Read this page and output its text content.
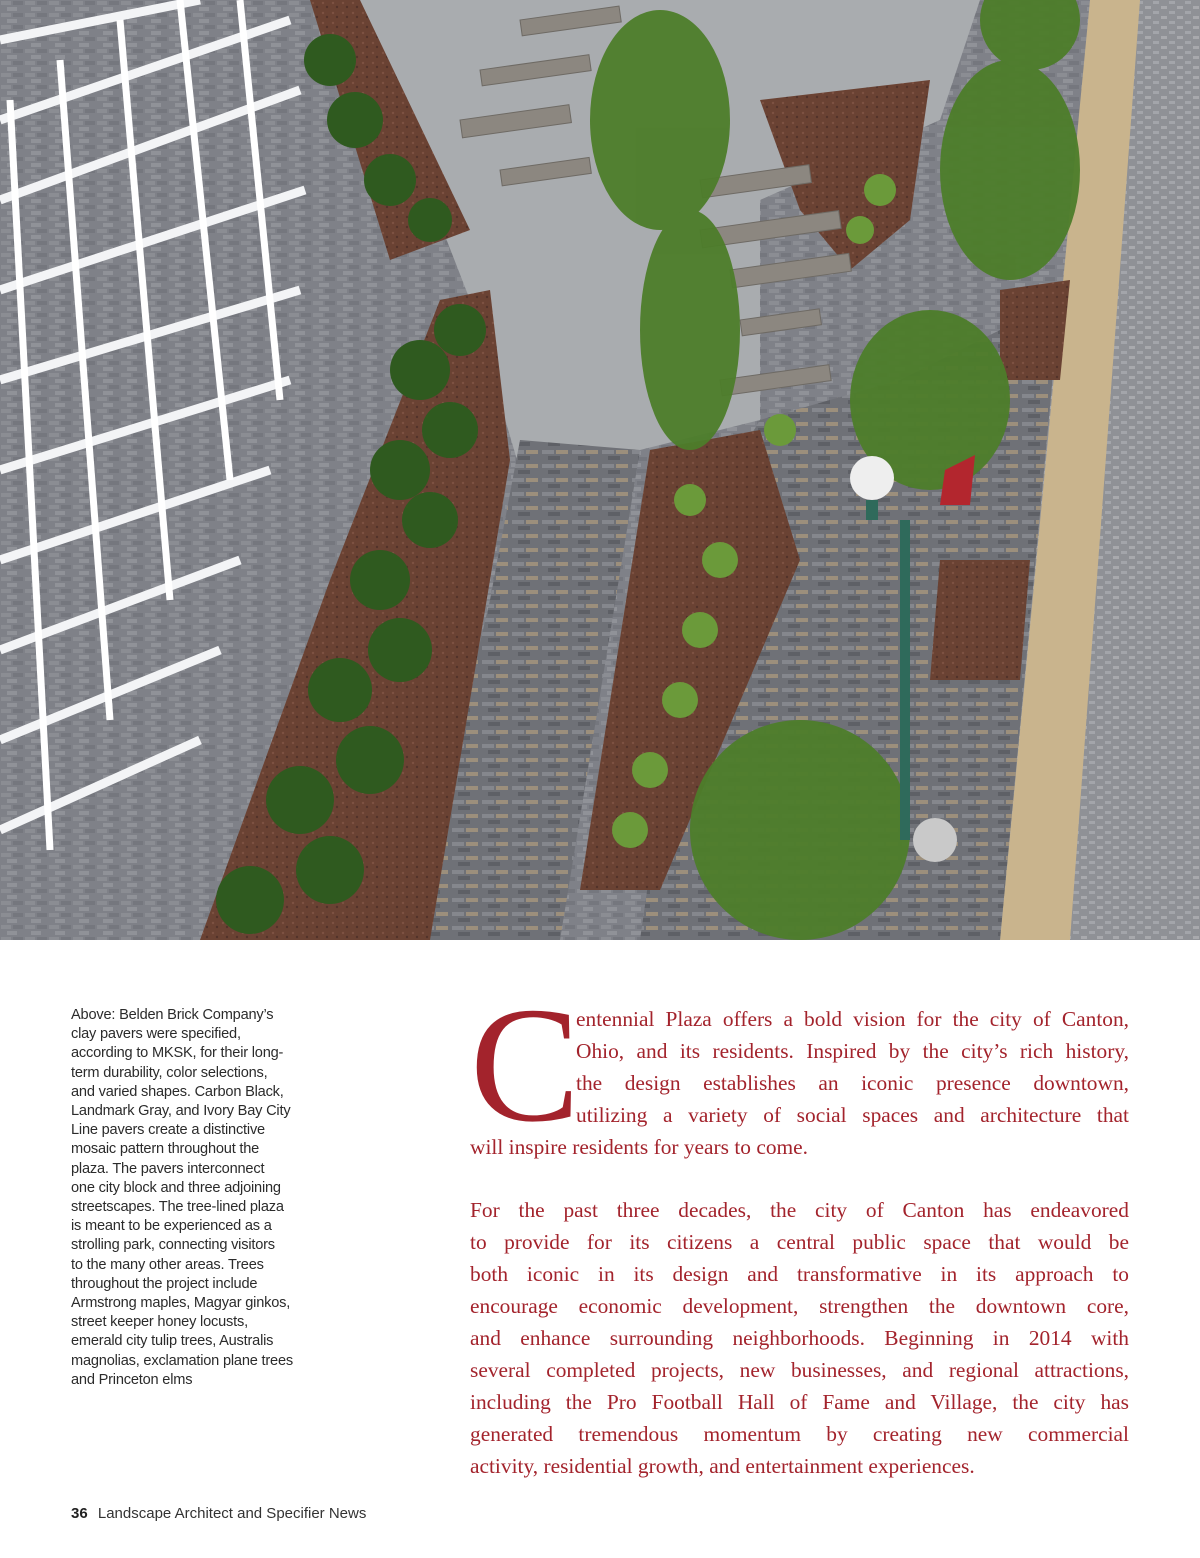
Above: Belden Brick Company’s
clay pavers were specified,
according to MKSK, for their long-
term durability, color selections,
and varied shapes. Carbon Black,
Landmark Gray, and Ivory Bay City
Line pavers create a distinctive
mosaic pattern throughout the
plaza. The pavers interconnect
one city block and three adjoining
streetscapes. The tree-lined plaza
is meant to be experienced as a
strolling park, connecting visitors
to the many other areas. Trees
throughout the project include
Armstrong maples, Magyar ginkos,
street keeper honey locusts,
emerald city tulip trees, Australis
magnolias, exclamation plane trees
and Princeton elms
C
entennial Plaza offers a bold vision for the city of Canton,
Ohio, and its residents. Inspired by the city’s rich history,
the design establishes an iconic presence downtown,
utilizing a variety of social spaces and architecture that
will inspire residents for years to come.
For the past three decades, the city of Canton has endeavored
to provide for its citizens a central public space that would be
both iconic in its design and transformative in its approach to
encourage economic development, strengthen the downtown core,
and enhance surrounding neighborhoods. Beginning in 2014 with
several completed projects, new businesses, and regional attractions,
including the Pro Football Hall of Fame and Village, the city has
generated tremendous momentum by creating new commercial
activity, residential growth, and entertainment experiences.
36 Landscape Architect and Specifier News
